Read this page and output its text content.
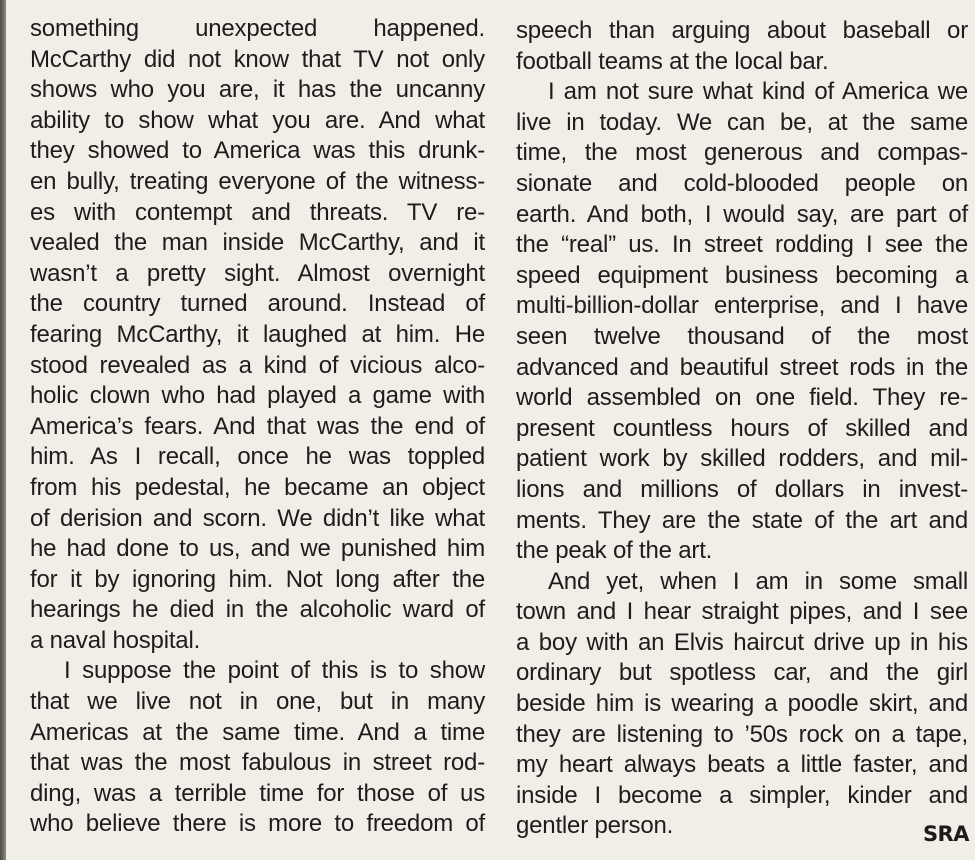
something unexpected happened.
McCarthy did not know that TV not only
shows who you are, it has the uncanny
ability to show what you are. And what
they showed to America was this drunk-
en bully, treating everyone of the witness-
es with contempt and threats. TV re-
vealed the man inside McCarthy, and it
wasn’t a pretty sight. Almost overnight
the country turned around. Instead of
fearing McCarthy, it laughed at him. He
stood revealed as a kind of vicious alco-
holic clown who had played a game with
America’s fears. And that was the end of
him. As I recall, once he was toppled
from his pedestal, he became an object
of derision and scorn. We didn’t like what
he had done to us, and we punished him
for it by ignoring him. Not long after the
hearings he died in the alcoholic ward of
a naval hospital.
I suppose the point of this is to show
that we live not in one, but in many
Americas at the same time. And a time
that was the most fabulous in street rod-
ding, was a terrible time for those of us
who believe there is more to freedom of
speech than arguing about baseball or
football teams at the local bar.
I am not sure what kind of America we
live in today. We can be, at the same
time, the most generous and compas-
sionate and cold-blooded people on
earth. And both, I would say, are part of
the “real” us. In street rodding I see the
speed equipment business becoming a
multi-billion-dollar enterprise, and I have
seen twelve thousand of the most
advanced and beautiful street rods in the
world assembled on one field. They re-
present countless hours of skilled and
patient work by skilled rodders, and mil-
lions and millions of dollars in invest-
ments. They are the state of the art and
the peak of the art.
And yet, when I am in some small
town and I hear straight pipes, and I see
a boy with an Elvis haircut drive up in his
ordinary but spotless car, and the girl
beside him is wearing a poodle skirt, and
they are listening to ’50s rock on a tape,
my heart always beats a little faster, and
inside I become a simpler, kinder and
gentler person.	SRA
